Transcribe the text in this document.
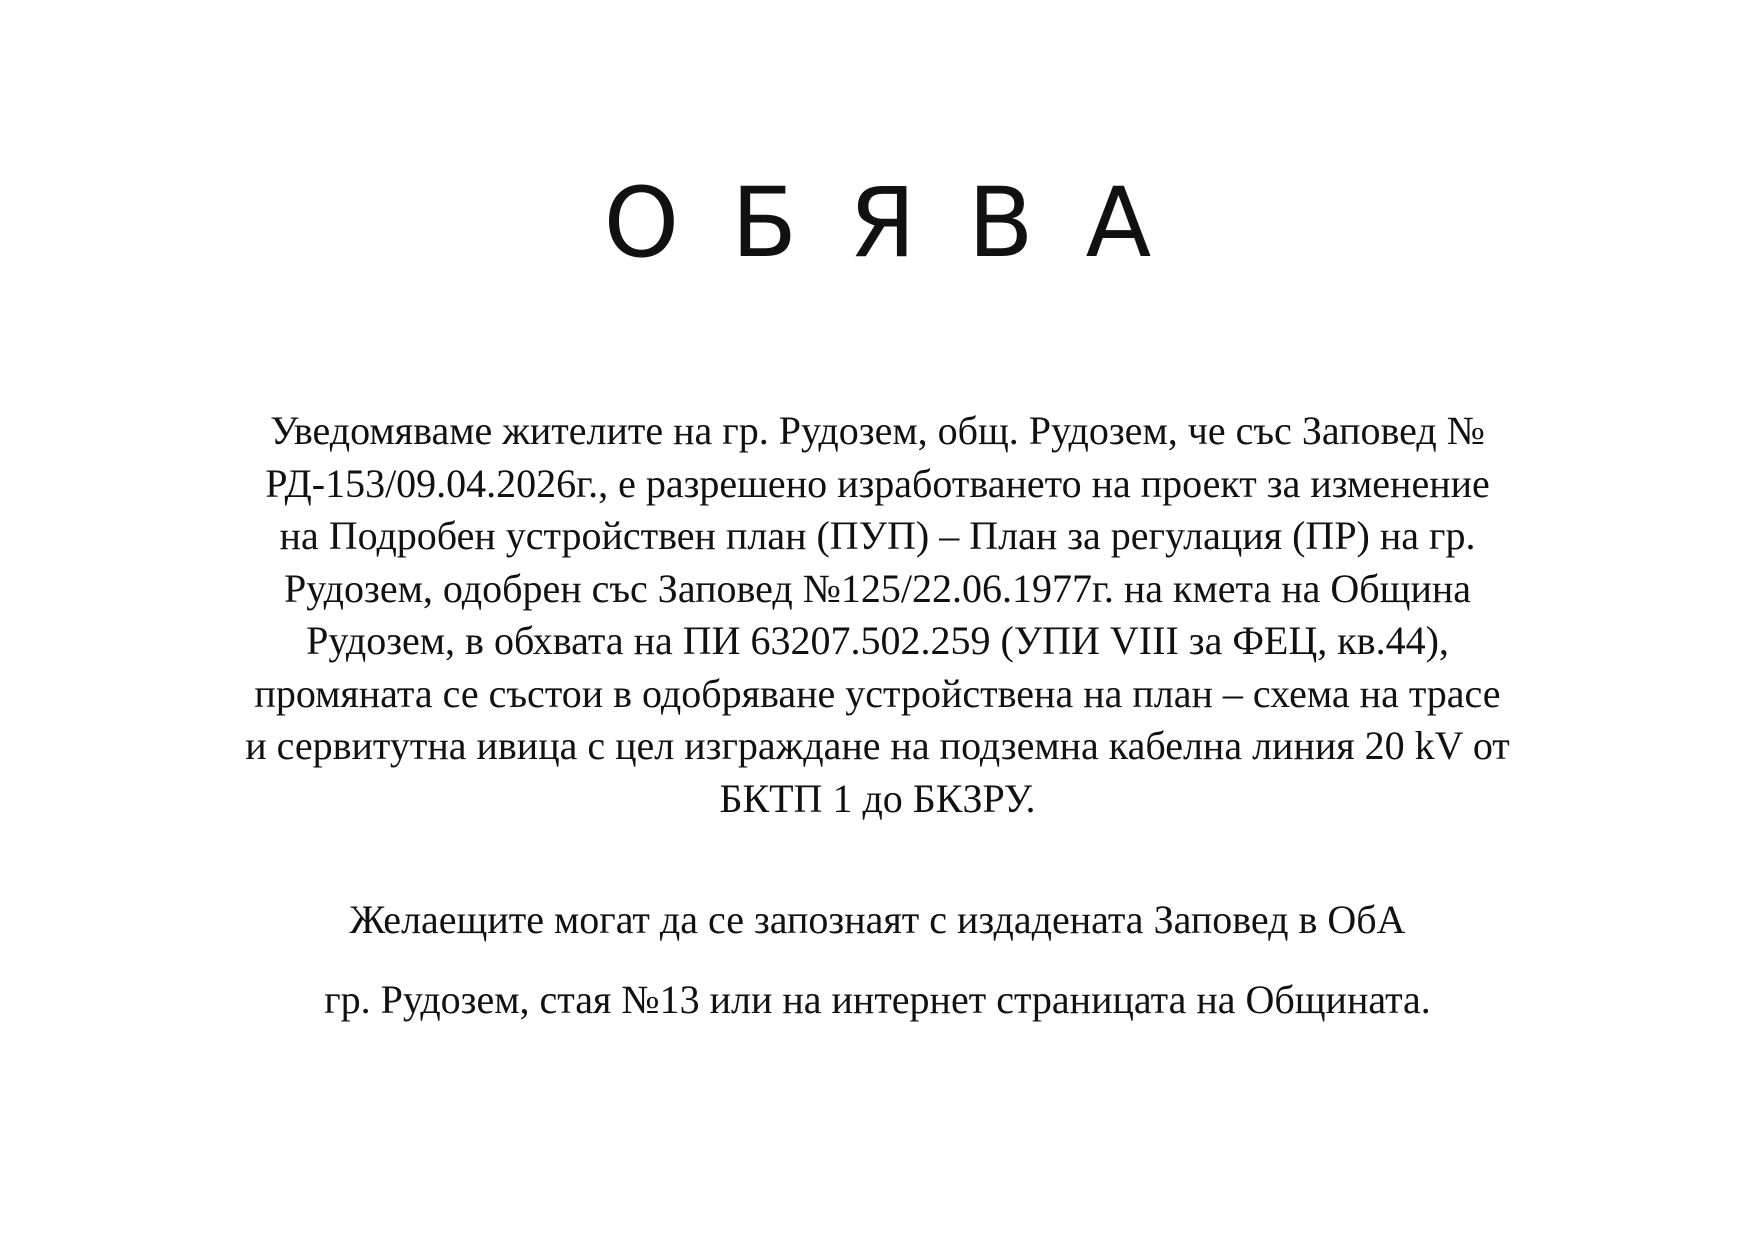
О Б Я В А

Уведомяваме жителите на гр. Рудозем, общ. Рудозем, че със Заповед №
РД-153/09.04.2026г., е разрешено изработването на проект за изменение
на Подробен устройствен план (ПУП) – План за регулация (ПР) на гр.
Рудозем, одобрен със Заповед №125/22.06.1977г. на кмета на Община
Рудозем, в обхвата на ПИ 63207.502.259 (УПИ VIII за ФЕЦ, кв.44),
промяната се състои в одобряване устройствена на план – схема на трасе
и сервитутна ивица с цел изграждане на подземна кабелна линия 20 kV от
БКТП 1 до БКЗРУ.

Желаещите могат да се запознаят с издадената Заповед в ОбА
гр. Рудозем, стая №13 или на интернет страницата на Общината.
